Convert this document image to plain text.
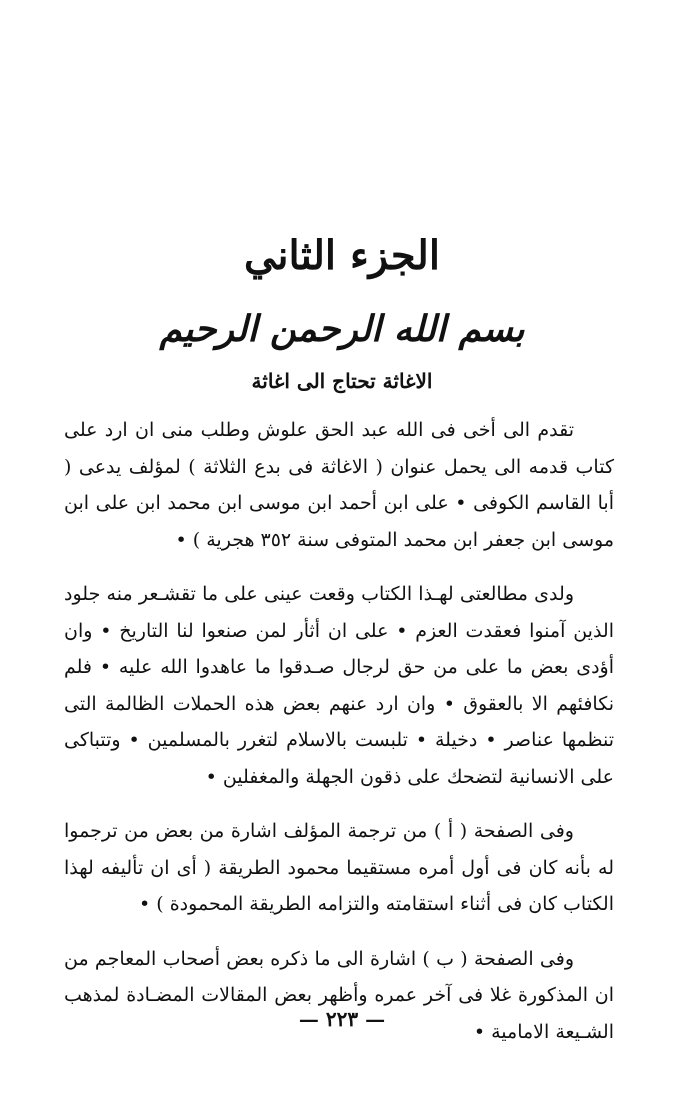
الجزء الثاني
بسم الله الرحمن الرحيم
الاغاثة تحتاج الى اغاثة

تقدم الى أخى فى الله عبد الحق علوش وطلب منى ان ارد على كتاب قدمه الى يحمل عنوان ( الاغاثة فى بدع الثلاثة ) لمؤلف يدعى ( أبا القاسم الكوفى • على ابن أحمد ابن موسى ابن محمد ابن على ابن موسى ابن جعفر ابن محمد المتوفى سنة ٣٥٢ هجرية ) •

ولدى مطالعتى لهـذا الكتاب وقعت عينى على ما تقشـعر منه جلود الذين آمنوا فعقدت العزم • على ان أثأر لمن صنعوا لنا التاريخ • وان أؤدى بعض ما على من حق لرجال صـدقوا ما عاهدوا الله عليه • فلم نكافئهم الا بالعقوق • وان ارد عنهم بعض هذه الحملات الظالمة التى تنظمها عناصر • دخيلة • تلبست بالاسلام لتغرر بالمسلمين • وتتباكى على الانسانية لتضحك على ذقون الجهلة والمغفلين •

وفى الصفحة ( أ ) من ترجمة المؤلف اشارة من بعض من ترجموا له بأنه كان فى أول أمره مستقيما محمود الطريقة ( أى ان تأليفه لهذا الكتاب كان فى أثناء استقامته والتزامه الطريقة المحمودة ) •

وفى الصفحة ( ب ) اشارة الى ما ذكره بعض أصحاب المعاجم من ان المذكورة غلا فى آخر عمره وأظهر بعض المقالات المضـادة لمذهب الشـيعة الامامية •

— ٢٢٣ —
